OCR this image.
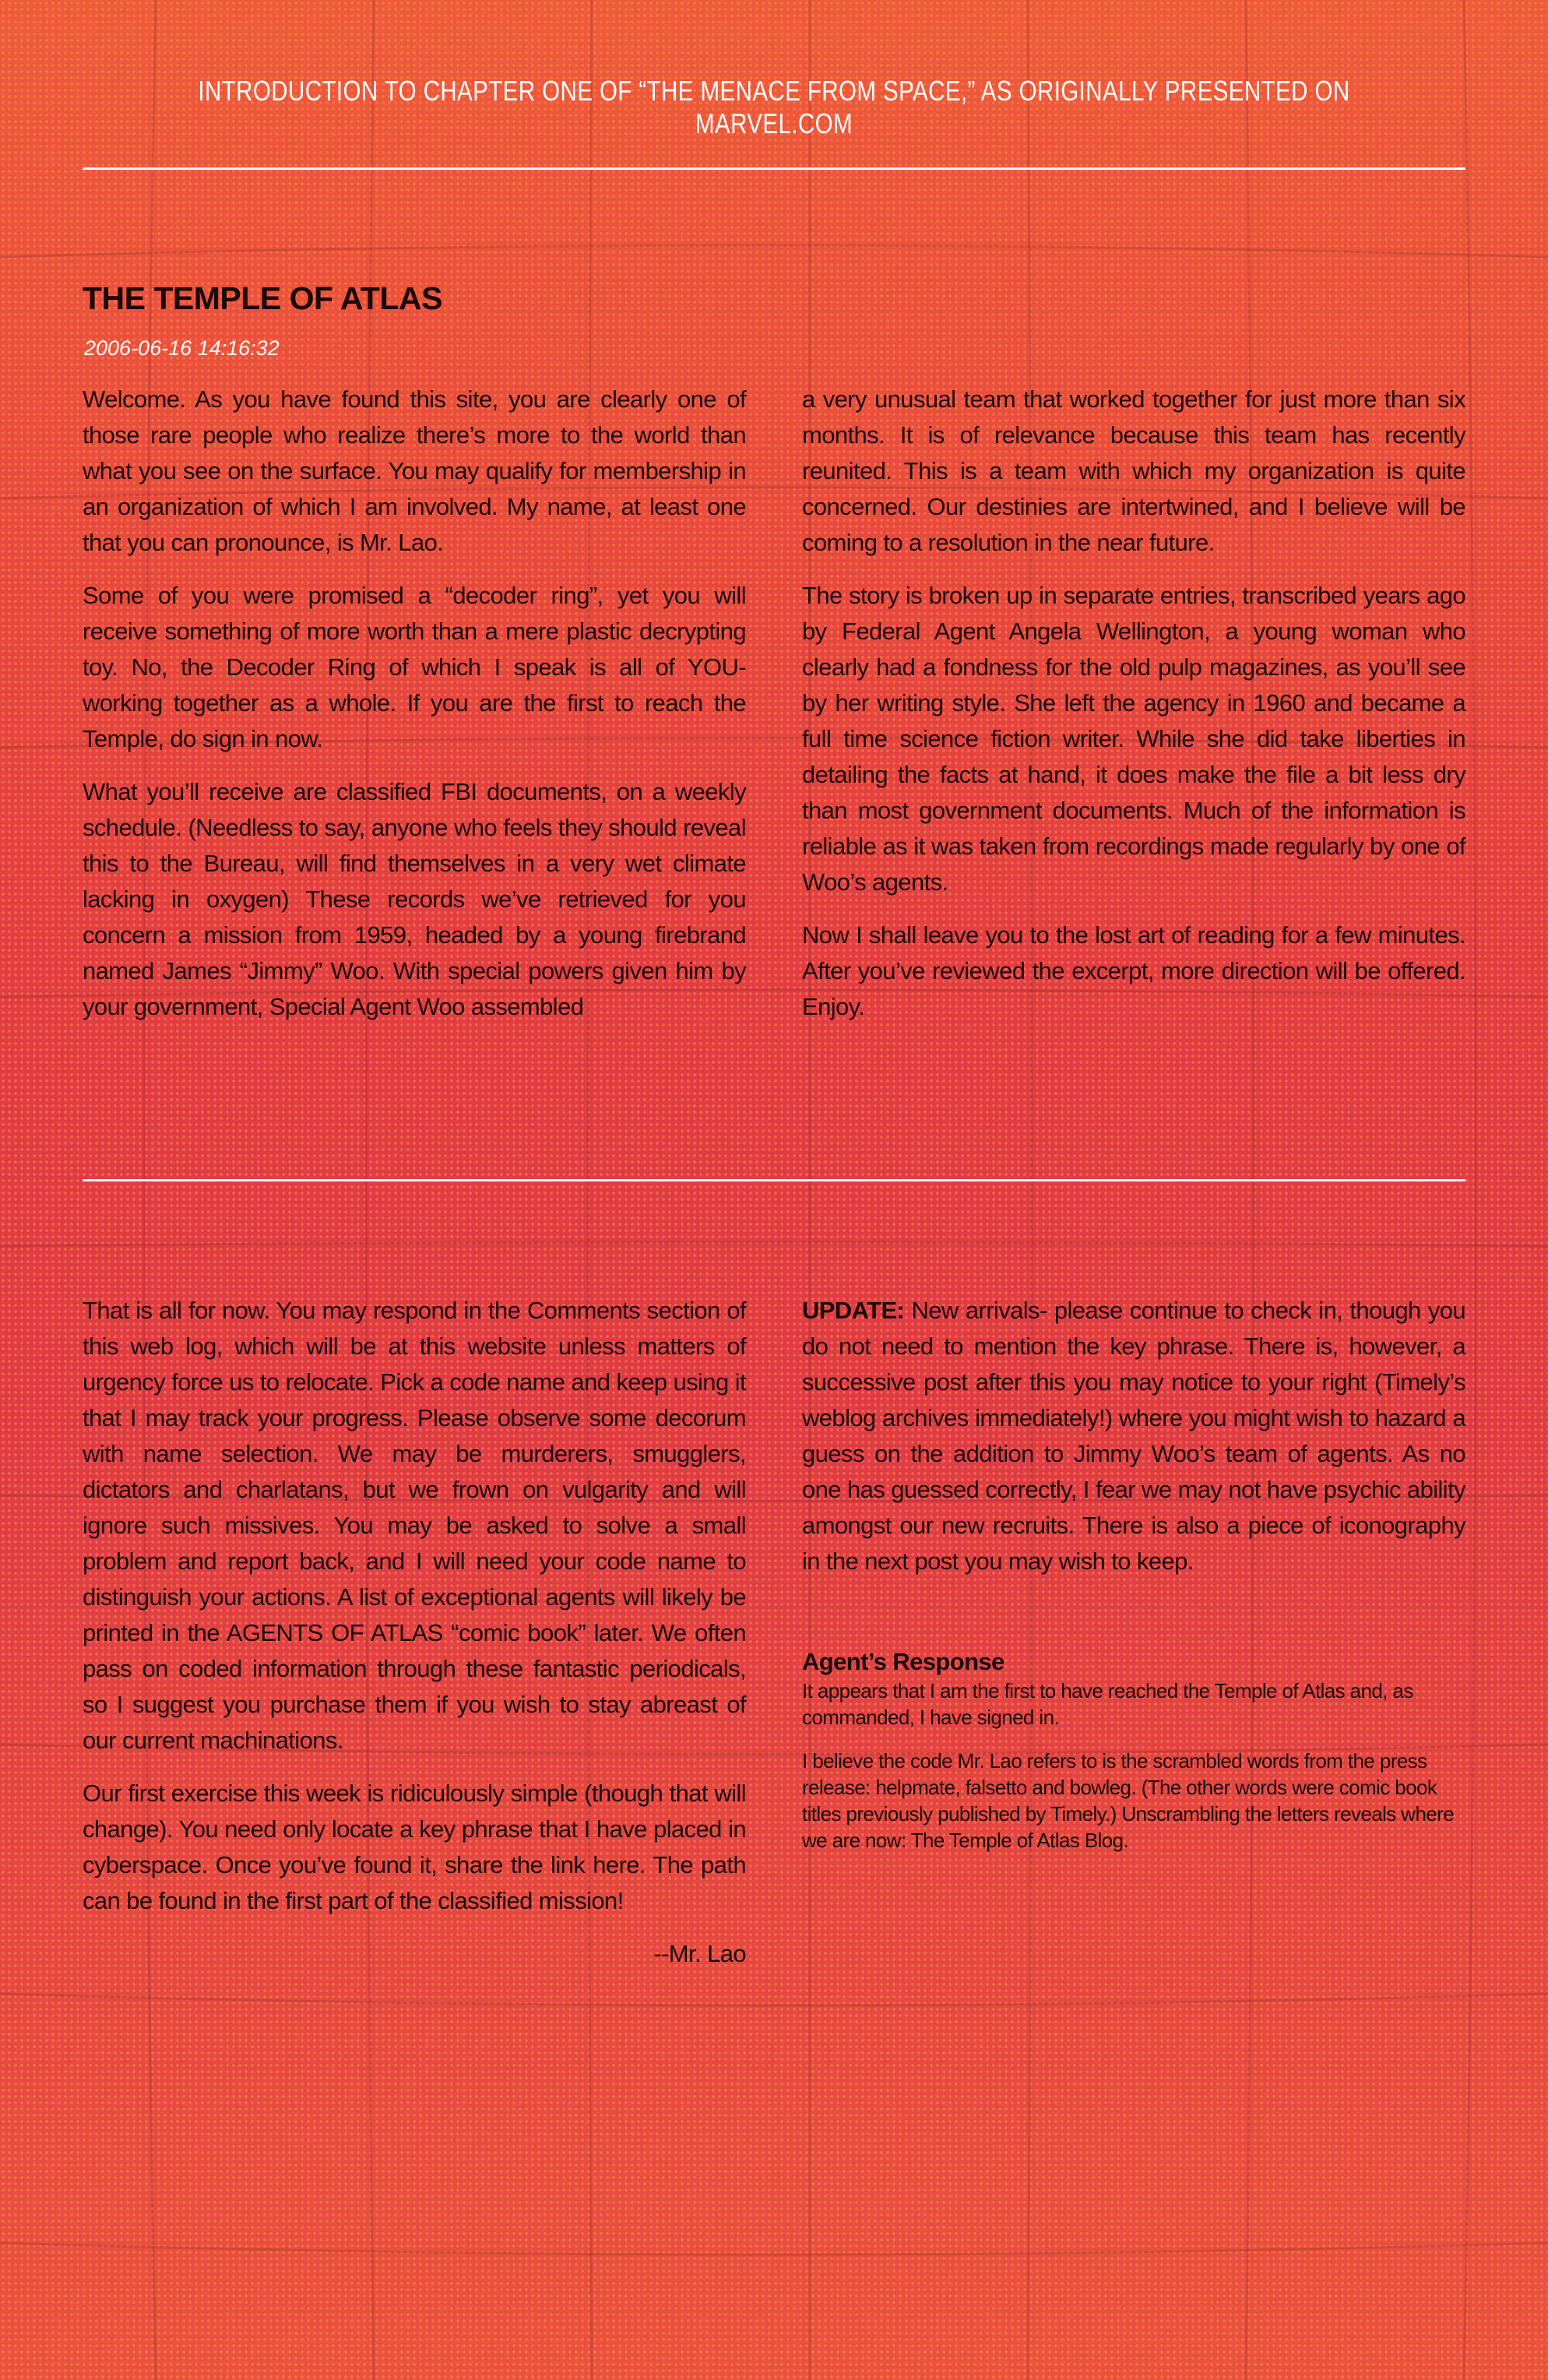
INTRODUCTION TO CHAPTER ONE OF “THE MENACE FROM SPACE,” AS ORIGINALLY PRESENTED ON MARVEL.COM
THE TEMPLE OF ATLAS
2006-06-16 14:16:32

Welcome. As you have found this site, you are clearly one of those rare people who realize there’s more to the world than what you see on the surface. You may qualify for membership in an organization of which I am involved. My name, at least one that you can pronounce, is Mr. Lao.

Some of you were promised a “decoder ring”, yet you will receive something of more worth than a mere plastic decrypting toy. No, the Decoder Ring of which I speak is all of YOU- working together as a whole. If you are the first to reach the Temple, do sign in now.

What you’ll receive are classified FBI documents, on a weekly schedule. (Needless to say, anyone who feels they should reveal this to the Bureau, will find themselves in a very wet climate lacking in oxygen) These records we’ve retrieved for you concern a mission from 1959, headed by a young firebrand named James “Jimmy” Woo. With special powers given him by your government, Special Agent Woo assembled

a very unusual team that worked together for just more than six months. It is of relevance because this team has recently reunited. This is a team with which my organization is quite concerned. Our destinies are intertwined, and I believe will be coming to a resolution in the near future.

The story is broken up in separate entries, transcribed years ago by Federal Agent Angela Wellington, a young woman who clearly had a fondness for the old pulp magazines, as you’ll see by her writing style. She left the agency in 1960 and became a full time science fiction writer. While she did take liberties in detailing the facts at hand, it does make the file a bit less dry than most government documents. Much of the information is reliable as it was taken from recordings made regularly by one of Woo’s agents.

Now I shall leave you to the lost art of reading for a few minutes. After you’ve reviewed the excerpt, more direction will be offered. Enjoy.

That is all for now. You may respond in the Comments section of this web log, which will be at this website unless matters of urgency force us to relocate. Pick a code name and keep using it that I may track your progress. Please observe some decorum with name selection. We may be murderers, smugglers, dictators and charlatans, but we frown on vulgarity and will ignore such missives. You may be asked to solve a small problem and report back, and I will need your code name to distinguish your actions. A list of exceptional agents will likely be printed in the AGENTS OF ATLAS “comic book” later. We often pass on coded information through these fantastic periodicals, so I suggest you purchase them if you wish to stay abreast of our current machinations.

Our first exercise this week is ridiculously simple (though that will change). You need only locate a key phrase that I have placed in cyberspace. Once you’ve found it, share the link here. The path can be found in the first part of the classified mission!

--Mr. Lao

UPDATE: New arrivals- please continue to check in, though you do not need to mention the key phrase. There is, however, a successive post after this you may notice to your right (Timely’s weblog archives immediately!) where you might wish to hazard a guess on the addition to Jimmy Woo’s team of agents. As no one has guessed correctly, I fear we may not have psychic ability amongst our new recruits. There is also a piece of iconography in the next post you may wish to keep.

Agent’s Response

It appears that I am the first to have reached the Temple of Atlas and, as commanded, I have signed in.

I believe the code Mr. Lao refers to is the scrambled words from the press release: helpmate, falsetto and bowleg. (The other words were comic book titles previously published by Timely.) Unscrambling the letters reveals where we are now: The Temple of Atlas Blog.
